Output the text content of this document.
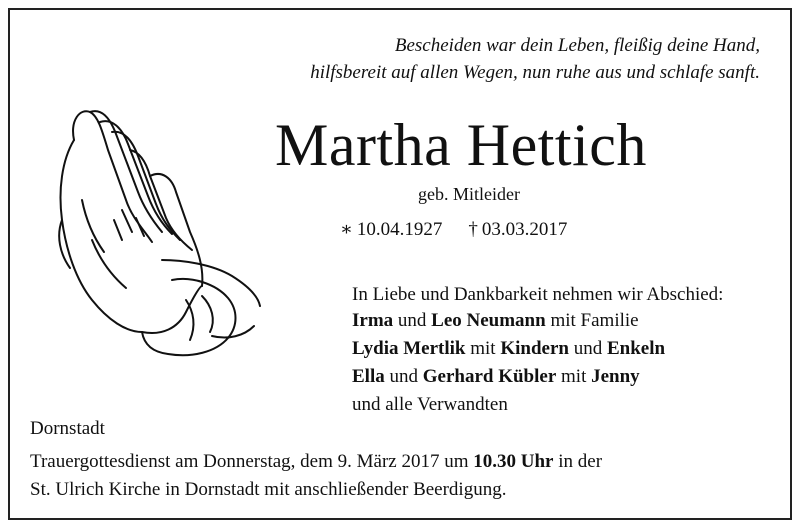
Bescheiden war dein Leben, fleißig deine Hand,
hilfsbereit auf allen Wegen, nun ruhe aus und schlafe sanft.
Martha Hettich
geb. Mitleider
∗ 10.04.1927 † 03.03.2017
In Liebe und Dankbarkeit nehmen wir Abschied:
Irma und Leo Neumann mit Familie
Lydia Mertlik mit Kindern und Enkeln
Ella und Gerhard Kübler mit Jenny
und alle Verwandten
Dornstadt
Trauergottesdienst am Donnerstag, dem 9. März 2017 um 10.30 Uhr in der
St. Ulrich Kirche in Dornstadt mit anschließender Beerdigung.
